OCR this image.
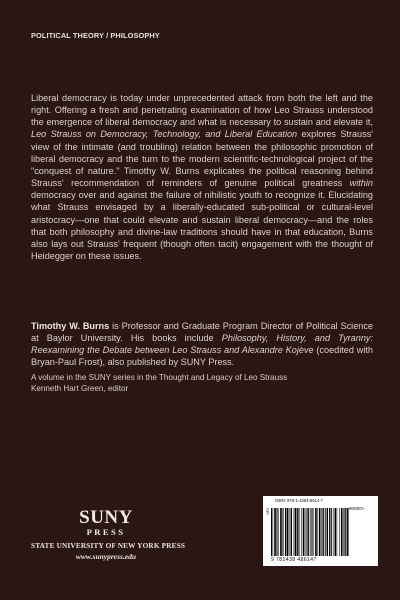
POLITICAL THEORY / PHILOSOPHY

Liberal democracy is today under unprecedented attack from both the left and the right. Offering a fresh and penetrating examination of how Leo Strauss understood the emergence of liberal democracy and what is necessary to sustain and elevate it, Leo Strauss on Democracy, Technology, and Liberal Education explores Strauss' view of the intimate (and troubling) relation between the philosophic promotion of liberal democracy and the turn to the modern scientific-technological project of the "conquest of nature." Timothy W. Burns explicates the political reasoning behind Strauss' recommendation of reminders of genuine political greatness within democracy over and against the failure of nihilistic youth to recognize it. Elucidating what Strauss envisaged by a liberally-educated sub-political or cultural-level aristocracy—one that could elevate and sustain liberal democracy—and the roles that both philosophy and divine-law traditions should have in that education, Burns also lays out Strauss' frequent (though often tacit) engagement with the thought of Heidegger on these issues.

Timothy W. Burns is Professor and Graduate Program Director of Political Science at Baylor University. His books include Philosophy, History, and Tyranny: Reexamining the Debate between Leo Strauss and Alexandre Kojève (coedited with Bryan-Paul Frost), also published by SUNY Press.

A volume in the SUNY series in the Thought and Legacy of Leo Strauss
Kenneth Hart Green, editor

SUNY
PRESS
STATE UNIVERSITY OF NEW YORK PRESS
www.sunypress.edu
ISBN: 978-1-4384-8614-7
NFS	90000>
9 781438 486147
